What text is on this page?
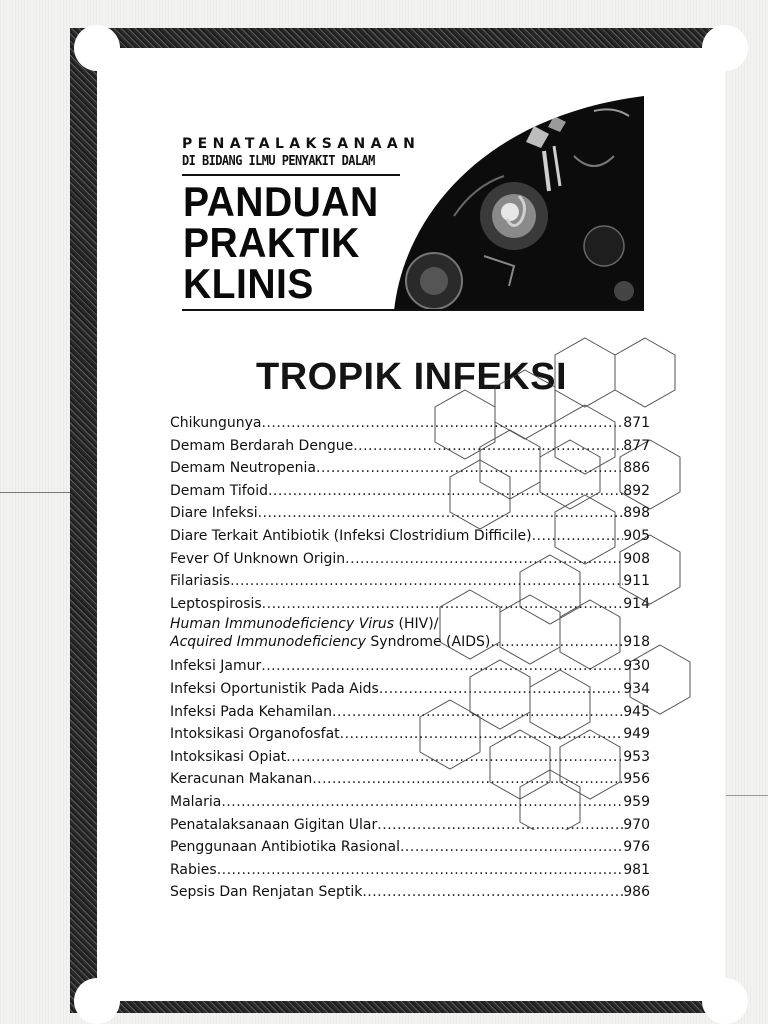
PENATALAKSANAAN
DI BIDANG ILMU PENYAKIT DALAM
PANDUAN
PRAKTIK
KLINIS
TROPIK INFEKSI
Chikungunya .....	871
Demam Berdarah Dengue .....	877
Demam Neutropenia .....	886
Demam Tifoid .....	892
Diare Infeksi .....	898
Diare Terkait Antibiotik (Infeksi Clostridium Difficile) .....	905
Fever Of Unknown Origin .....	908
Filariasis .....	911
Leptospirosis .....	914
Human Immunodeficiency Virus (HIV)/
Acquired Immunodeficiency Syndrome (AIDS) .....	918
Infeksi Jamur .....	930
Infeksi Oportunistik Pada Aids .....	934
Infeksi Pada Kehamilan .....	945
Intoksikasi Organofosfat .....	949
Intoksikasi Opiat .....	953
Keracunan Makanan .....	956
Malaria .....	959
Penatalaksanaan Gigitan Ular .....	970
Penggunaan Antibiotika Rasional .....	976
Rabies .....	981
Sepsis Dan Renjatan Septik .....	986
